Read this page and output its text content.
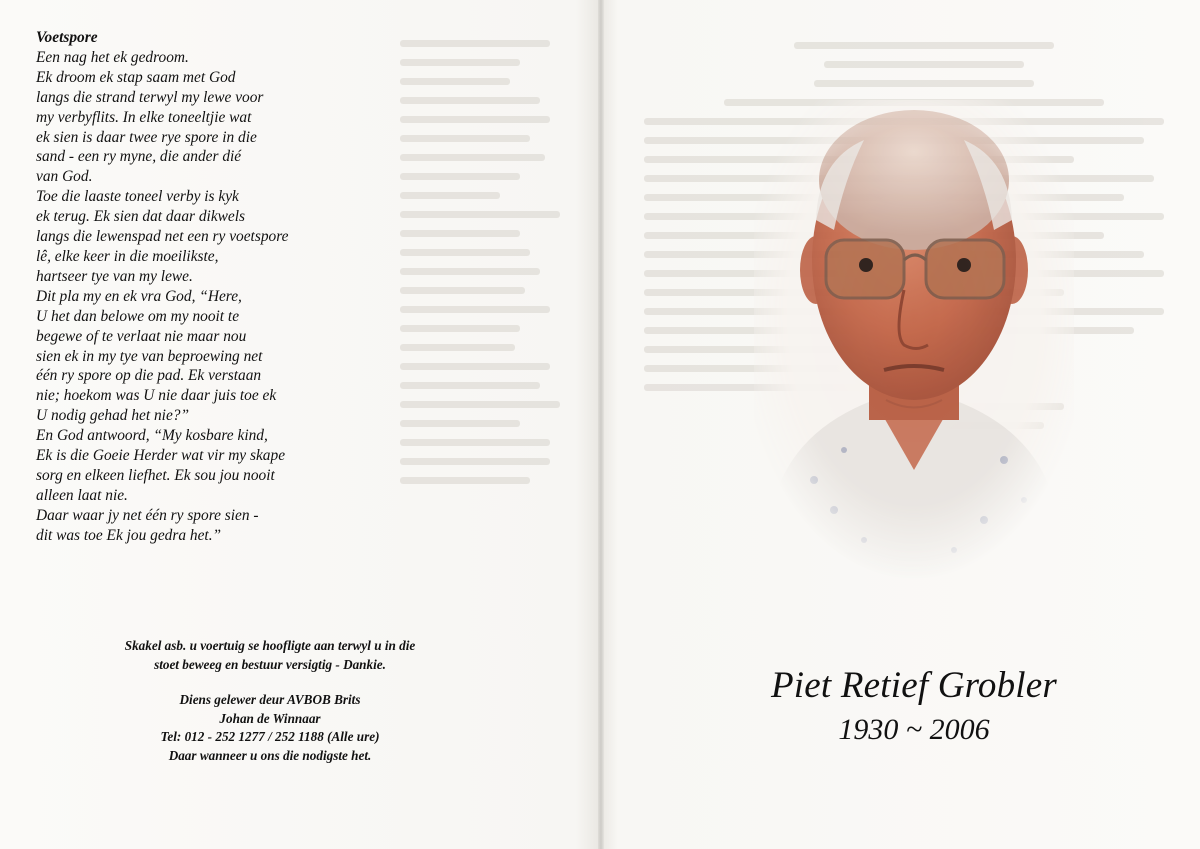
Voetspore
Een nag het ek gedroom.
Ek droom ek stap saam met God
langs die strand terwyl my lewe voor
my verbyflits. In elke toneeltjie wat
ek sien is daar twee rye spore in die
sand - een ry myne, die ander dié
van God.
Toe die laaste toneel verby is kyk
ek terug. Ek sien dat daar dikwels
langs die lewenspad net een ry voetspore
lê, elke keer in die moeilikste,
hartseer tye van my lewe.
Dit pla my en ek vra God, “Here,
U het dan belowe om my nooit te
begewe of te verlaat nie maar nou
sien ek in my tye van beproewing net
één ry spore op die pad. Ek verstaan
nie; hoekom was U nie daar juis toe ek
U nodig gehad het nie?”
En God antwoord, “My kosbare kind,
Ek is die Goeie Herder wat vir my skape
sorg en elkeen liefhet. Ek sou jou nooit
alleen laat nie.
Daar waar jy net één ry spore sien -
dit was toe Ek jou gedra het.”
Skakel asb. u voertuig se hoofligte aan terwyl u in die
stoet beweeg en bestuur versigtig - Dankie.
Diens gelewer deur AVBOB Brits
Johan de Winnaar
Tel: 012 - 252 1277 / 252 1188 (Alle ure)
Daar wanneer u ons die nodigste het.
Piet Retief Grobler
1930 ~ 2006
